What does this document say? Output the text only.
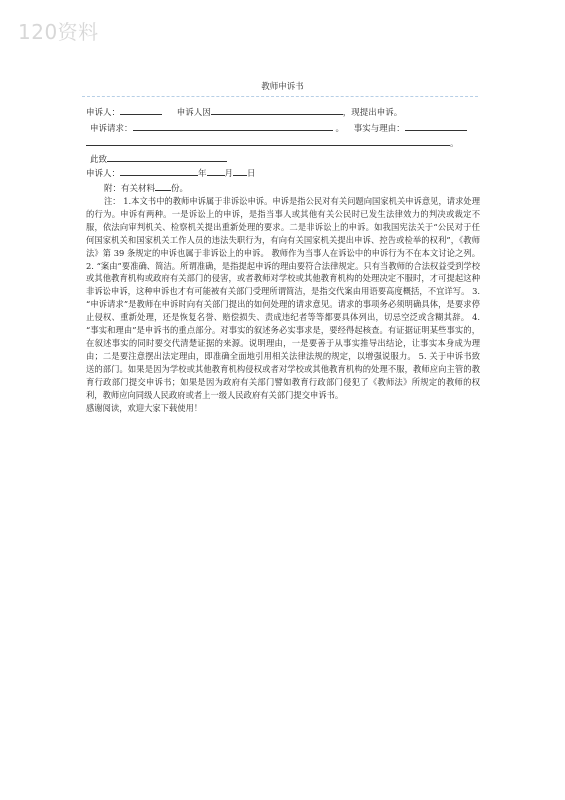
120资料
教师申诉书
申诉人：	申诉人因	，现提出申诉。
申诉请求：	。 事实与理由：
。
此致
申诉人：	年 月 日
附：有关材料 份。

注： 1.本文书中的教师申诉属于非诉讼申诉。申诉是指公民对有关问题向国家机关申诉意见，请求处理的行为。申诉有两种。一是诉讼上的申诉，是指当事人或其他有关公民时已发生法律效力的判决或裁定不服，依法向审判机关、检察机关提出重新处理的要求。二是非诉讼上的申诉。如我国宪法关于“公民对于任何国家机关和国家机关工作人员的违法失职行为，有向有关国家机关提出申诉、控告或检举的权利”，《教师法》第 39 条规定的申诉也属于非诉讼上的申诉。 教师作为当事人在诉讼中的申诉行为不在本文讨论之列。 2. “案由”要准确、简洁。所谓准确，是指提起申诉的理由要符合法律规定。只有当教师的合法权益受到学校或其他教育机构或政府有关部门的侵害，或者教师对学校或其他教育机构的处理决定不服时，才可提起这种非诉讼申诉，这种申诉也才有可能被有关部门受理所谓简洁，是指交代案由用语要高度概括，不宜详写。 3. “申诉请求”是教师在申诉时向有关部门提出的如何处理的请求意见。请求的事项务必须明确具体，是要求停止侵权、重新处理，还是恢复名誉、赔偿损失、责成违纪者等等都要具体列出，切忌空泛或含糊其辞。 4. “事实和理由”是申诉书的重点部分。对事实的叙述务必实事求是，要经得起核查。有证据证明某些事实的，在叙述事实的同时要交代清楚证据的来源。说明理由，一是要善于从事实推导出结论，让事实本身成为理由；二是要注意摆出法定理由，即准确全面地引用相关法律法规的规定，以增强说服力。 5. 关于申诉书致送的部门。如果是因为学校或其他教育机构侵权或者对学校或其他教育机构的处理不服，教师应向主管的教育行政部门提交申诉书；如果是因为政府有关部门譬如教育行政部门侵犯了《教师法》所规定的教师的权利，教师应向同级人民政府或者上一级人民政府有关部门提交申诉书。

感谢阅读，欢迎大家下载使用！
